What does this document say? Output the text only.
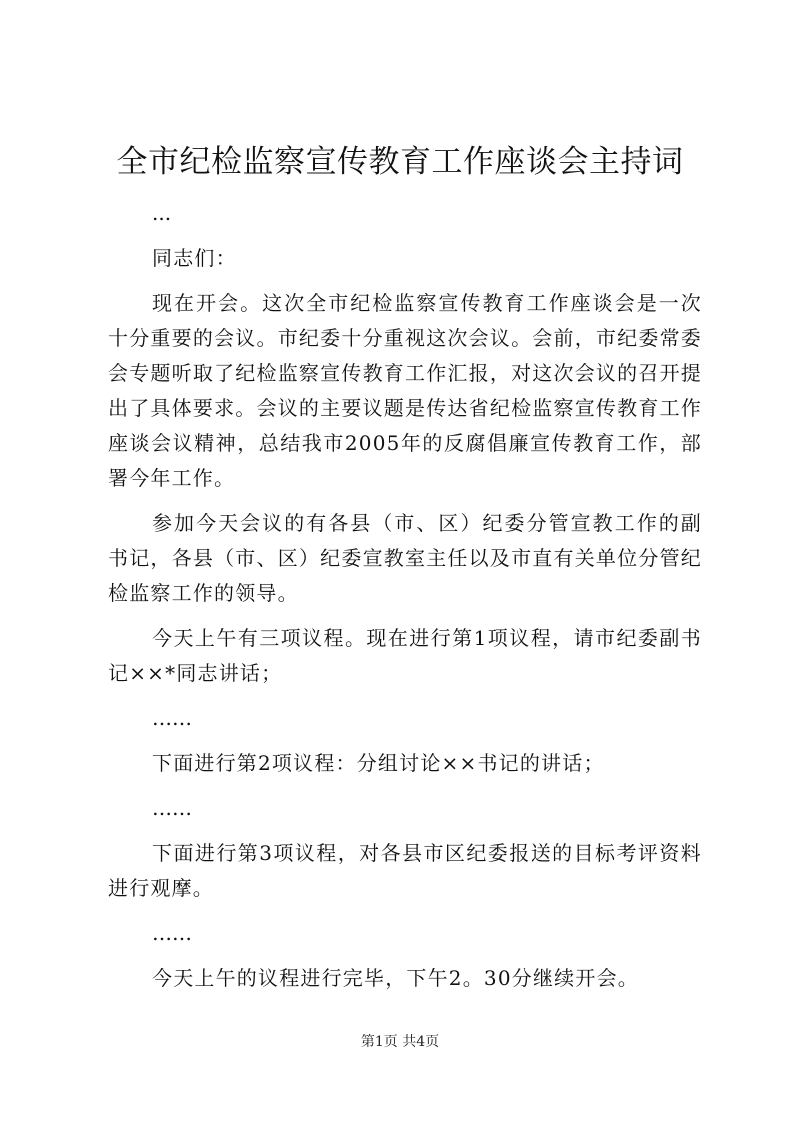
全市纪检监察宣传教育工作座谈会主持词

...

同志们：

现在开会。这次全市纪检监察宣传教育工作座谈会是一次十分重要的会议。市纪委十分重视这次会议。会前，市纪委常委会专题听取了纪检监察宣传教育工作汇报，对这次会议的召开提出了具体要求。会议的主要议题是传达省纪检监察宣传教育工作座谈会议精神，总结我市2005年的反腐倡廉宣传教育工作，部署今年工作。

参加今天会议的有各县（市、区）纪委分管宣教工作的副书记，各县（市、区）纪委宣教室主任以及市直有关单位分管纪检监察工作的领导。

今天上午有三项议程。现在进行第1项议程，请市纪委副书记××*同志讲话；

……

下面进行第2项议程：分组讨论××书记的讲话；

……

下面进行第3项议程，对各县市区纪委报送的目标考评资料进行观摩。

……

今天上午的议程进行完毕，下午2。30分继续开会。

第1页 共4页
